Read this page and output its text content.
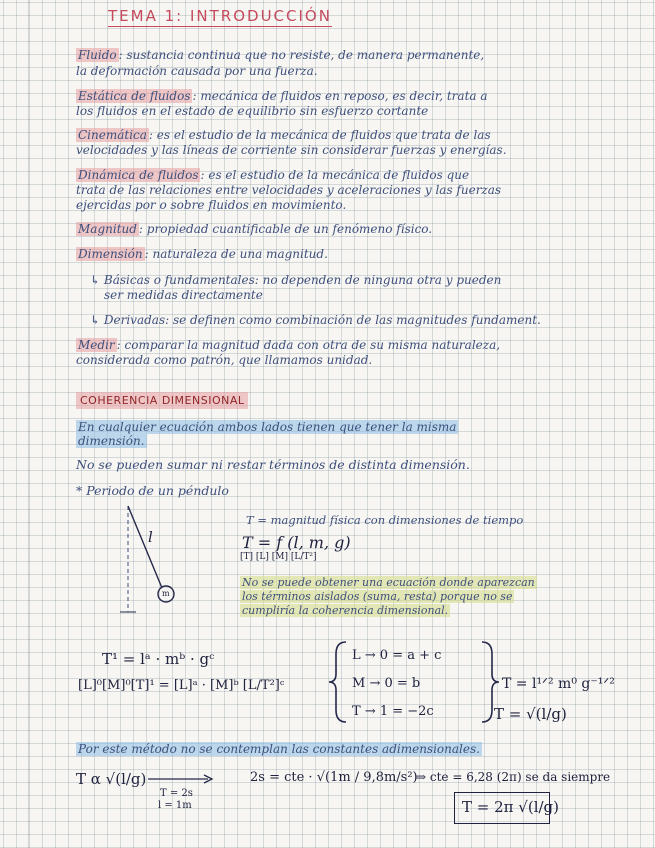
TEMA 1: INTRODUCCIÓN
Fluido : sustancia continua que no resiste, de manera permanente,
la deformación causada por una fuerza.
Estática de fluidos : mecánica de fluidos en reposo, es decir, trata a
los fluidos en el estado de equilibrio sin esfuerzo cortante
Cinemática : es el estudio de la mecánica de fluidos que trata de las
velocidades y las líneas de corriente sin considerar fuerzas y energías.
Dinámica de fluidos : es el estudio de la mecánica de fluidos que
trata de las relaciones entre velocidades y aceleraciones y las fuerzas
ejercidas por o sobre fluidos en movimiento.
Magnitud : propiedad cuantificable de un fenómeno físico.
Dimensión : naturaleza de una magnitud.
↳ Básicas o fundamentales: no dependen de ninguna otra y pueden
ser medidas directamente
↳ Derivadas: se definen como combinación de las magnitudes fundament.
Medir : comparar la magnitud dada con otra de su misma naturaleza,
considerada como patrón, que llamamos unidad.
COHERENCIA DIMENSIONAL
En cualquier ecuación ambos lados tienen que tener la misma
dimensión.
No se pueden sumar ni restar términos de distinta dimensión.
* Periodo de un péndulo
l
m
T = magnitud física con dimensiones de tiempo
T = f (l, m, g)
[T] [L] [M] [L/T²]
No se puede obtener una ecuación donde aparezcan
los términos aislados (suma, resta) porque no se
cumpliría la coherencia dimensional.
T¹ = lᵃ · mᵇ · gᶜ
[L]⁰[M]⁰[T]¹ = [L]ᵃ · [M]ᵇ [L/T²]ᶜ
L → 0 = a + c
M → 0 = b
T → 1 = −2c
T = l¹ᐟ² m⁰ g⁻¹ᐟ²
T = √(l/g)
Por este método no se contemplan las constantes adimensionales.
T α √(l/g)
T = 2s
l = 1m
2s = cte · √(1m / 9,8m/s²)
⇒ cte = 6,28 (2π) se da siempre
T = 2π √(l/g)
